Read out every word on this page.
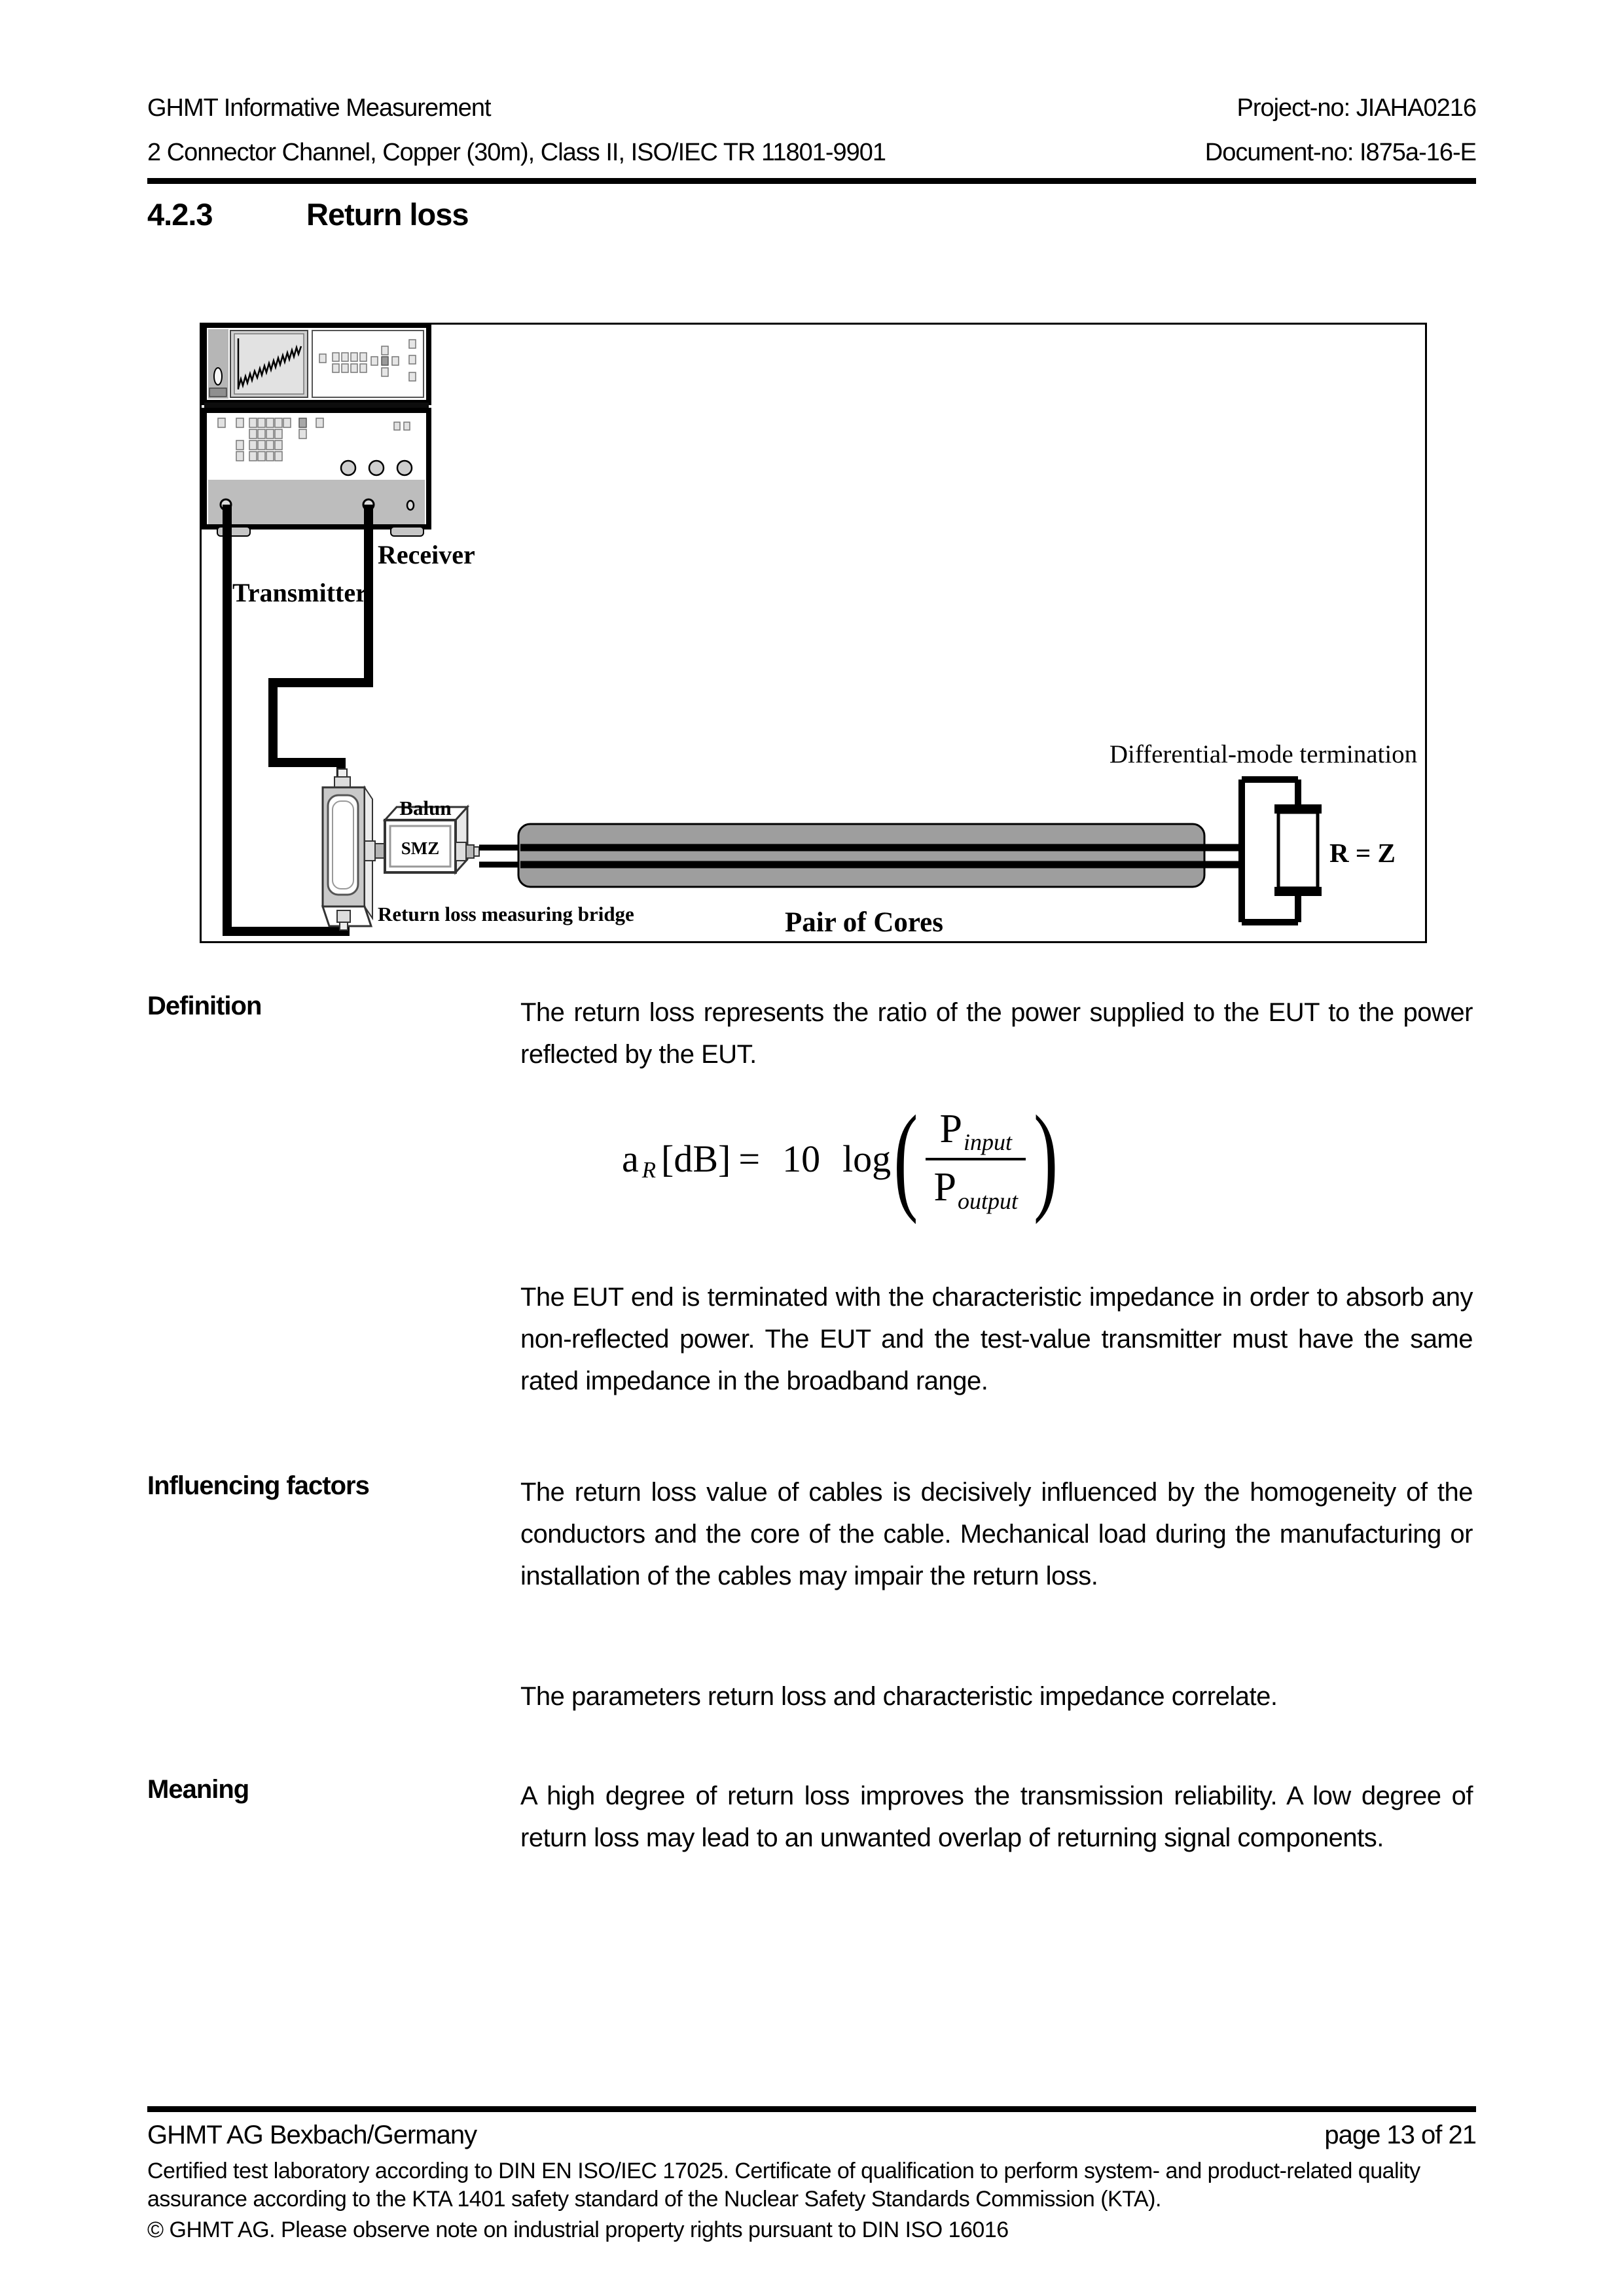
GHMT Informative Measurement
2 Connector Channel, Copper (30m), Class II, ISO/IEC TR 11801-9901
Project-no: JIAHA0216
Document-no: I875a-16-E
4.2.3	Return loss
Receiver
Transmitter
Differential-mode termination
Balun
SMZ
Return loss measuring bridge	Pair of Cores
R = Z
Definition	The return loss represents the ratio of the power supplied to the EUT to the power reflected by the EUT.
a R [dB] = 10 log ( $\frac{P_{input}}{P_{output}}$ )
The EUT end is terminated with the characteristic impedance in order to absorb any non-reflected power. The EUT and the test-value transmitter must have the same rated impedance in the broadband range.
Influencing factors	The return loss value of cables is decisively influenced by the homogeneity of the conductors and the core of the cable. Mechanical load during the manufacturing or installation of the cables may impair the return loss.
The parameters return loss and characteristic impedance correlate.
Meaning	A high degree of return loss improves the transmission reliability. A low degree of return loss may lead to an unwanted overlap of returning signal components.
GHMT AG Bexbach/Germany	page 13 of 21
Certified test laboratory according to DIN EN ISO/IEC 17025. Certificate of qualification to perform system- and product-related quality assurance according to the KTA 1401 safety standard of the Nuclear Safety Standards Commission (KTA).
© GHMT AG. Please observe note on industrial property rights pursuant to DIN ISO 16016
